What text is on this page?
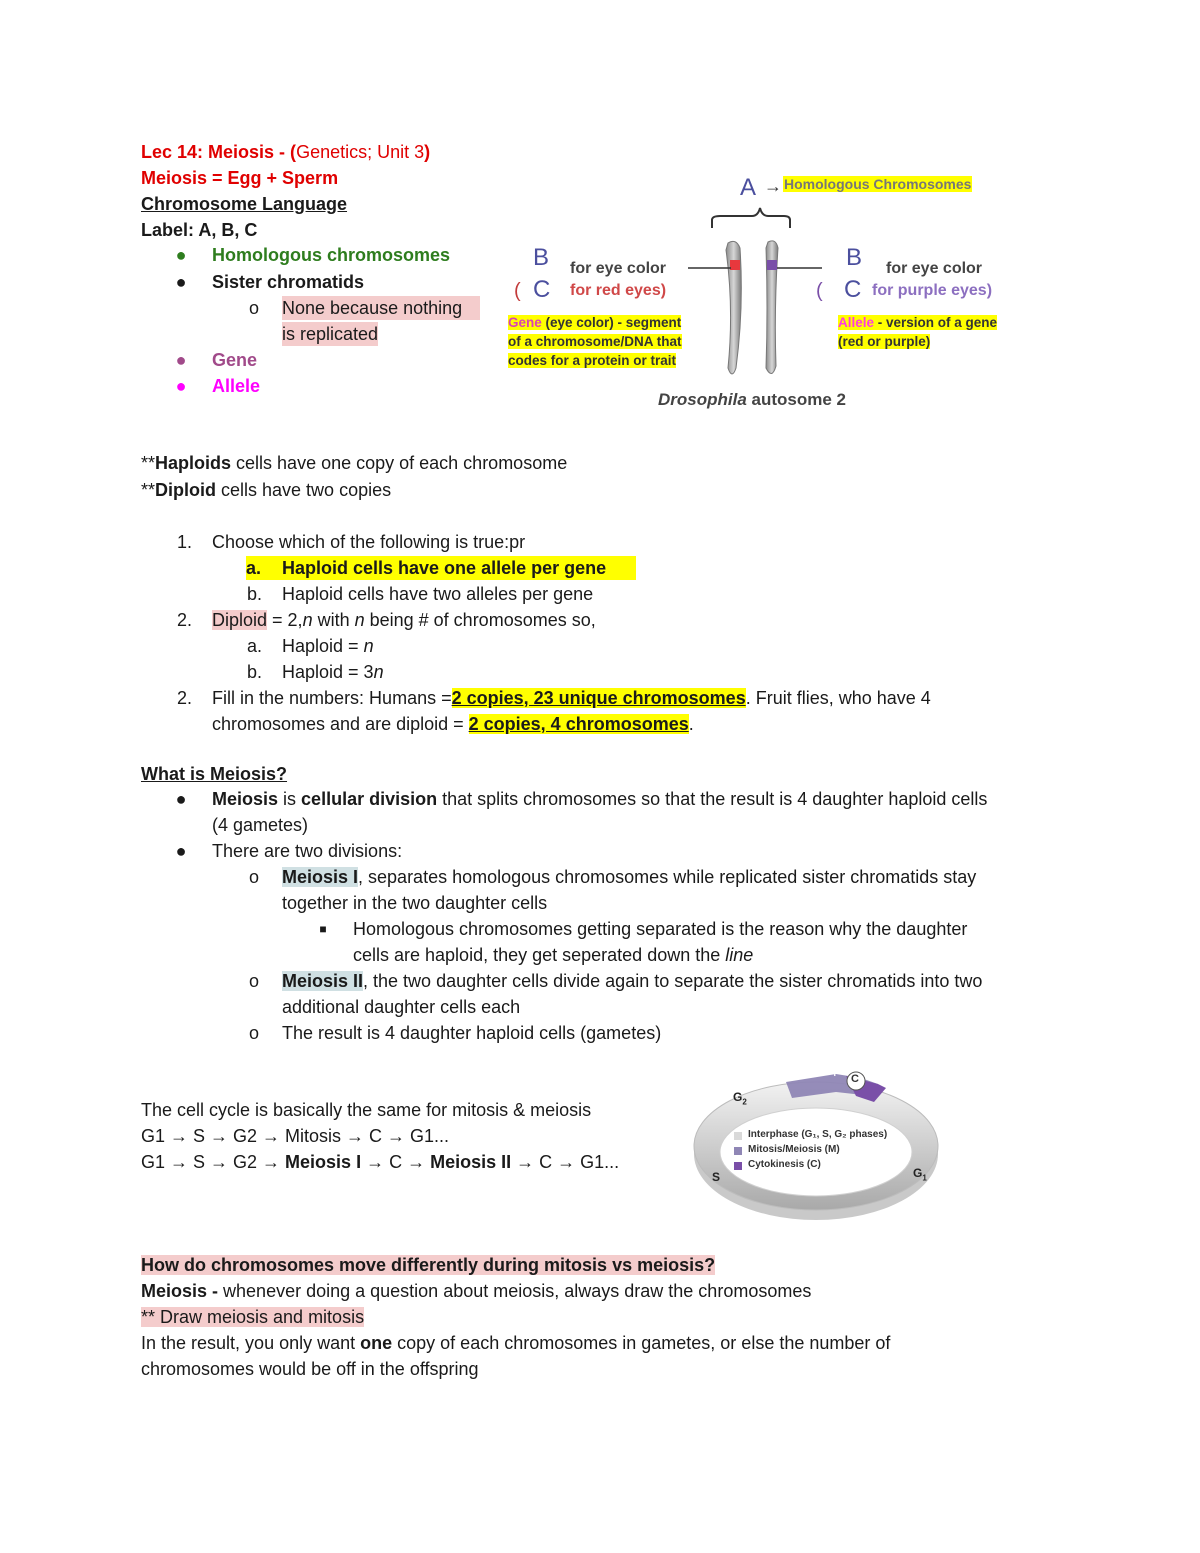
Lec 14: Meiosis - (Genetics; Unit 3)
Meiosis = Egg + Sperm
Chromosome Language
Label: A, B, C
● Homologous chromosomes
● Sister chromatids
o None because nothing
is replicated
● Gene
● Allele
**Haploids cells have one copy of each chromosome
**Diploid cells have two copies
1. Choose which of the following is true:pr
a. Haploid cells have one allele per gene
b. Haploid cells have two alleles per gene
2. Diploid = 2,n with n being # of chromosomes so,
a. Haploid = n
b. Haploid = 3n
2. Fill in the numbers: Humans =2 copies, 23 unique chromosomes. Fruit flies, who have 4
chromosomes and are diploid = 2 copies, 4 chromosomes.
What is Meiosis?
● Meiosis is cellular division that splits chromosomes so that the result is 4 daughter haploid cells
(4 gametes)
● There are two divisions:
o Meiosis I, separates homologous chromosomes while replicated sister chromatids stay
together in the two daughter cells
■	Homologous chromosomes getting separated is the reason why the daughter
cells are haploid, they get seperated down the line
o Meiosis II, the two daughter cells divide again to separate the sister chromatids into two
additional daughter cells each
o The result is 4 daughter haploid cells (gametes)
The cell cycle is basically the same for mitosis & meiosis
G1 → S → G2 → Mitosis → C → G1...
G1 → S → G2 → Meiosis I → C → Meiosis II → C → G1...
How do chromosomes move differently during mitosis vs meiosis?
Meiosis - whenever doing a question about meiosis, always draw the chromosomes
** Draw meiosis and mitosis
In the result, you only want one copy of each chromosomes in gametes, or else the number of
chromosomes would be off in the offspring
A → Homologous Chromosomes
B
( C
for eye color
for red eyes)
Gene (eye color) - segment
of a chromosome/DNA that
codes for a protein or trait
B
( C
for eye color
for purple eyes)
Allele - version of a gene
(red or purple)
Drosophila autosome 2
$G_2$
S	$G_1$
P M A T C
Interphase (G₁, S, G₂ phases)
Mitosis/Meiosis (M)
Cytokinesis (C)
